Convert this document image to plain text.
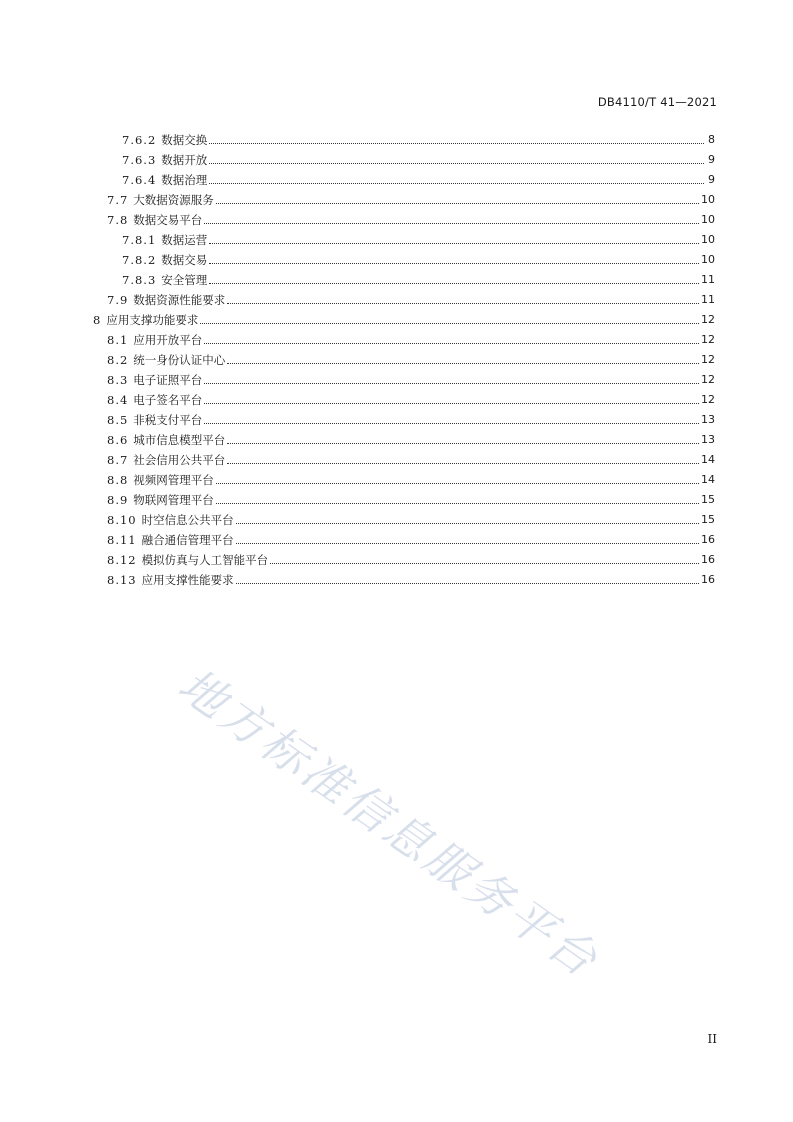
DB4110/T 41—2021
7.6.2 数据交换	8
7.6.3 数据开放	9
7.6.4 数据治理	9
7.7 大数据资源服务	10
7.8 数据交易平台	10
7.8.1 数据运营	10
7.8.2 数据交易	10
7.8.3 安全管理	11
7.9 数据资源性能要求	11
8 应用支撑功能要求	12
8.1 应用开放平台	12
8.2 统一身份认证中心	12
8.3 电子证照平台	12
8.4 电子签名平台	12
8.5 非税支付平台	13
8.6 城市信息模型平台	13
8.7 社会信用公共平台	14
8.8 视频网管理平台	14
8.9 物联网管理平台	15
8.10 时空信息公共平台	15
8.11 融合通信管理平台	16
8.12 模拟仿真与人工智能平台	16
8.13 应用支撑性能要求	16
地方标准信息服务平台
II
